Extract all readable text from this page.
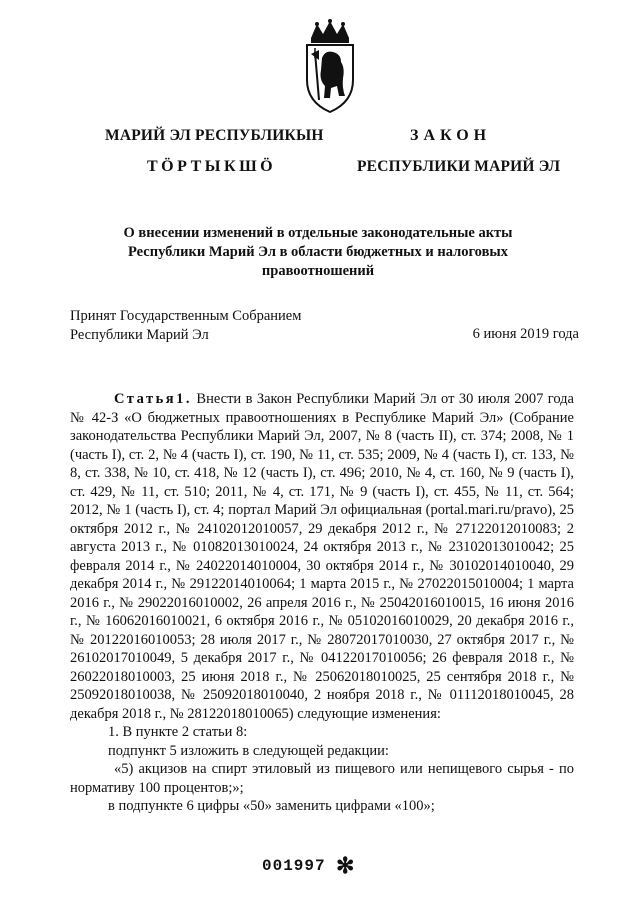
МАРИЙ ЭЛ РЕСПУБЛИКЫН
ТӦРТЫКШӦ
ЗАКОН
РЕСПУБЛИКИ МАРИЙ ЭЛ
О внесении изменений в отдельные законодательные акты
Республики Марий Эл в области бюджетных и налоговых
правоотношений
Принят Государственным Собранием
Республики Марий Эл	6 июня 2019 года

Статья1. Внести в Закон Республики Марий Эл от 30 июля 2007 года № 42-З «О бюджетных правоотношениях в Республике Марий Эл» (Собрание законодательства Республики Марий Эл, 2007, № 8 (часть II), ст. 374; 2008, № 1 (часть I), ст. 2, № 4 (часть I), ст. 190, № 11, ст. 535; 2009, № 4 (часть I), ст. 133, № 8, ст. 338, № 10, ст. 418, № 12 (часть I), ст. 496; 2010, № 4, ст. 160, № 9 (часть I), ст. 429, № 11, ст. 510; 2011, № 4, ст. 171, № 9 (часть I), ст. 455, № 11, ст. 564; 2012, № 1 (часть I), ст. 4; портал Марий Эл официальная (portal.mari.ru/pravo), 25 октября 2012 г., № 24102012010057, 29 декабря 2012 г., № 27122012010083; 2 августа 2013 г., № 01082013010024, 24 октября 2013 г., № 23102013010042; 25 февраля 2014 г., № 24022014010004, 30 октября 2014 г., № 30102014010040, 29 декабря 2014 г., № 29122014010064; 1 марта 2015 г., № 27022015010004; 1 марта 2016 г., № 29022016010002, 26 апреля 2016 г., № 25042016010015, 16 июня 2016 г., № 16062016010021, 6 октября 2016 г., № 05102016010029, 20 декабря 2016 г., № 20122016010053; 28 июля 2017 г., № 28072017010030, 27 октября 2017 г., № 26102017010049, 5 декабря 2017 г., № 04122017010056; 26 февраля 2018 г., № 26022018010003, 25 июня 2018 г., № 25062018010025, 25 сентября 2018 г., № 25092018010038, № 25092018010040, 2 ноября 2018 г., № 01112018010045, 28 декабря 2018 г., № 28122018010065) следующие изменения:

1. В пункте 2 статьи 8:

подпункт 5 изложить в следующей редакции:

«5) акцизов на спирт этиловый из пищевого или непищевого сырья - по нормативу 100 процентов;»;

в подпункте 6 цифры «50» заменить цифрами «100»;

001997 ✻
